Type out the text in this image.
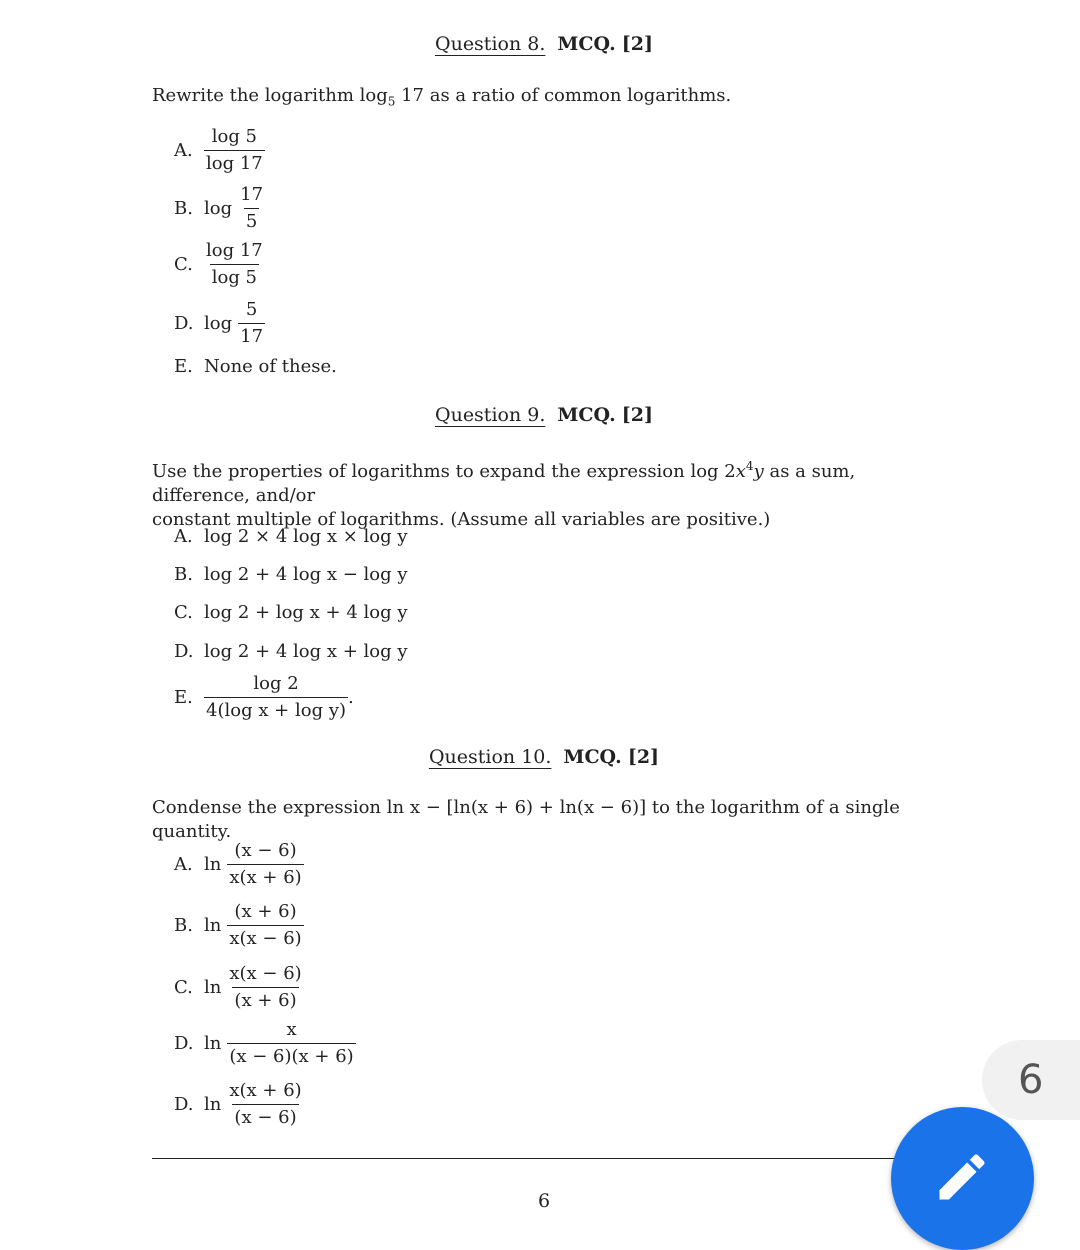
Question 8. MCQ. [2]
Rewrite the logarithm $\log_5 17$ as a ratio of common logarithms.
A. $\frac{\log 5}{\log 17}$
B. $\log \frac{17}{5}$
C. $\frac{\log 17}{\log 5}$
D. $\log \frac{5}{17}$
E. None of these.
Question 9. MCQ. [2]
Use the properties of logarithms to expand the expression $\log 2x^4y$ as a sum, difference, and/or
constant multiple of logarithms. (Assume all variables are positive.)
A. log 2 × 4 log x × log y
B. log 2 + 4 log x − log y
C. log 2 + log x + 4 log y
D. log 2 + 4 log x + log y
E. $\frac{\log 2}{\text{4(log x + log y)}}$ .
Question 10. MCQ. [2]
Condense the expression ln x − [ln(x + 6) + ln(x − 6)] to the logarithm of a single quantity.
A. $\ln \frac{(x - 6)}{x(x + 6)}$
B. $\ln \frac{(x + 6)}{x(x - 6)}$
C. $\ln \frac{x(x - 6)}{(x + 6)}$
D. $\ln \frac{x}{(x - 6)(x + 6)}$
D. $\ln \frac{x(x + 6)}{(x - 6)}$
6
6
